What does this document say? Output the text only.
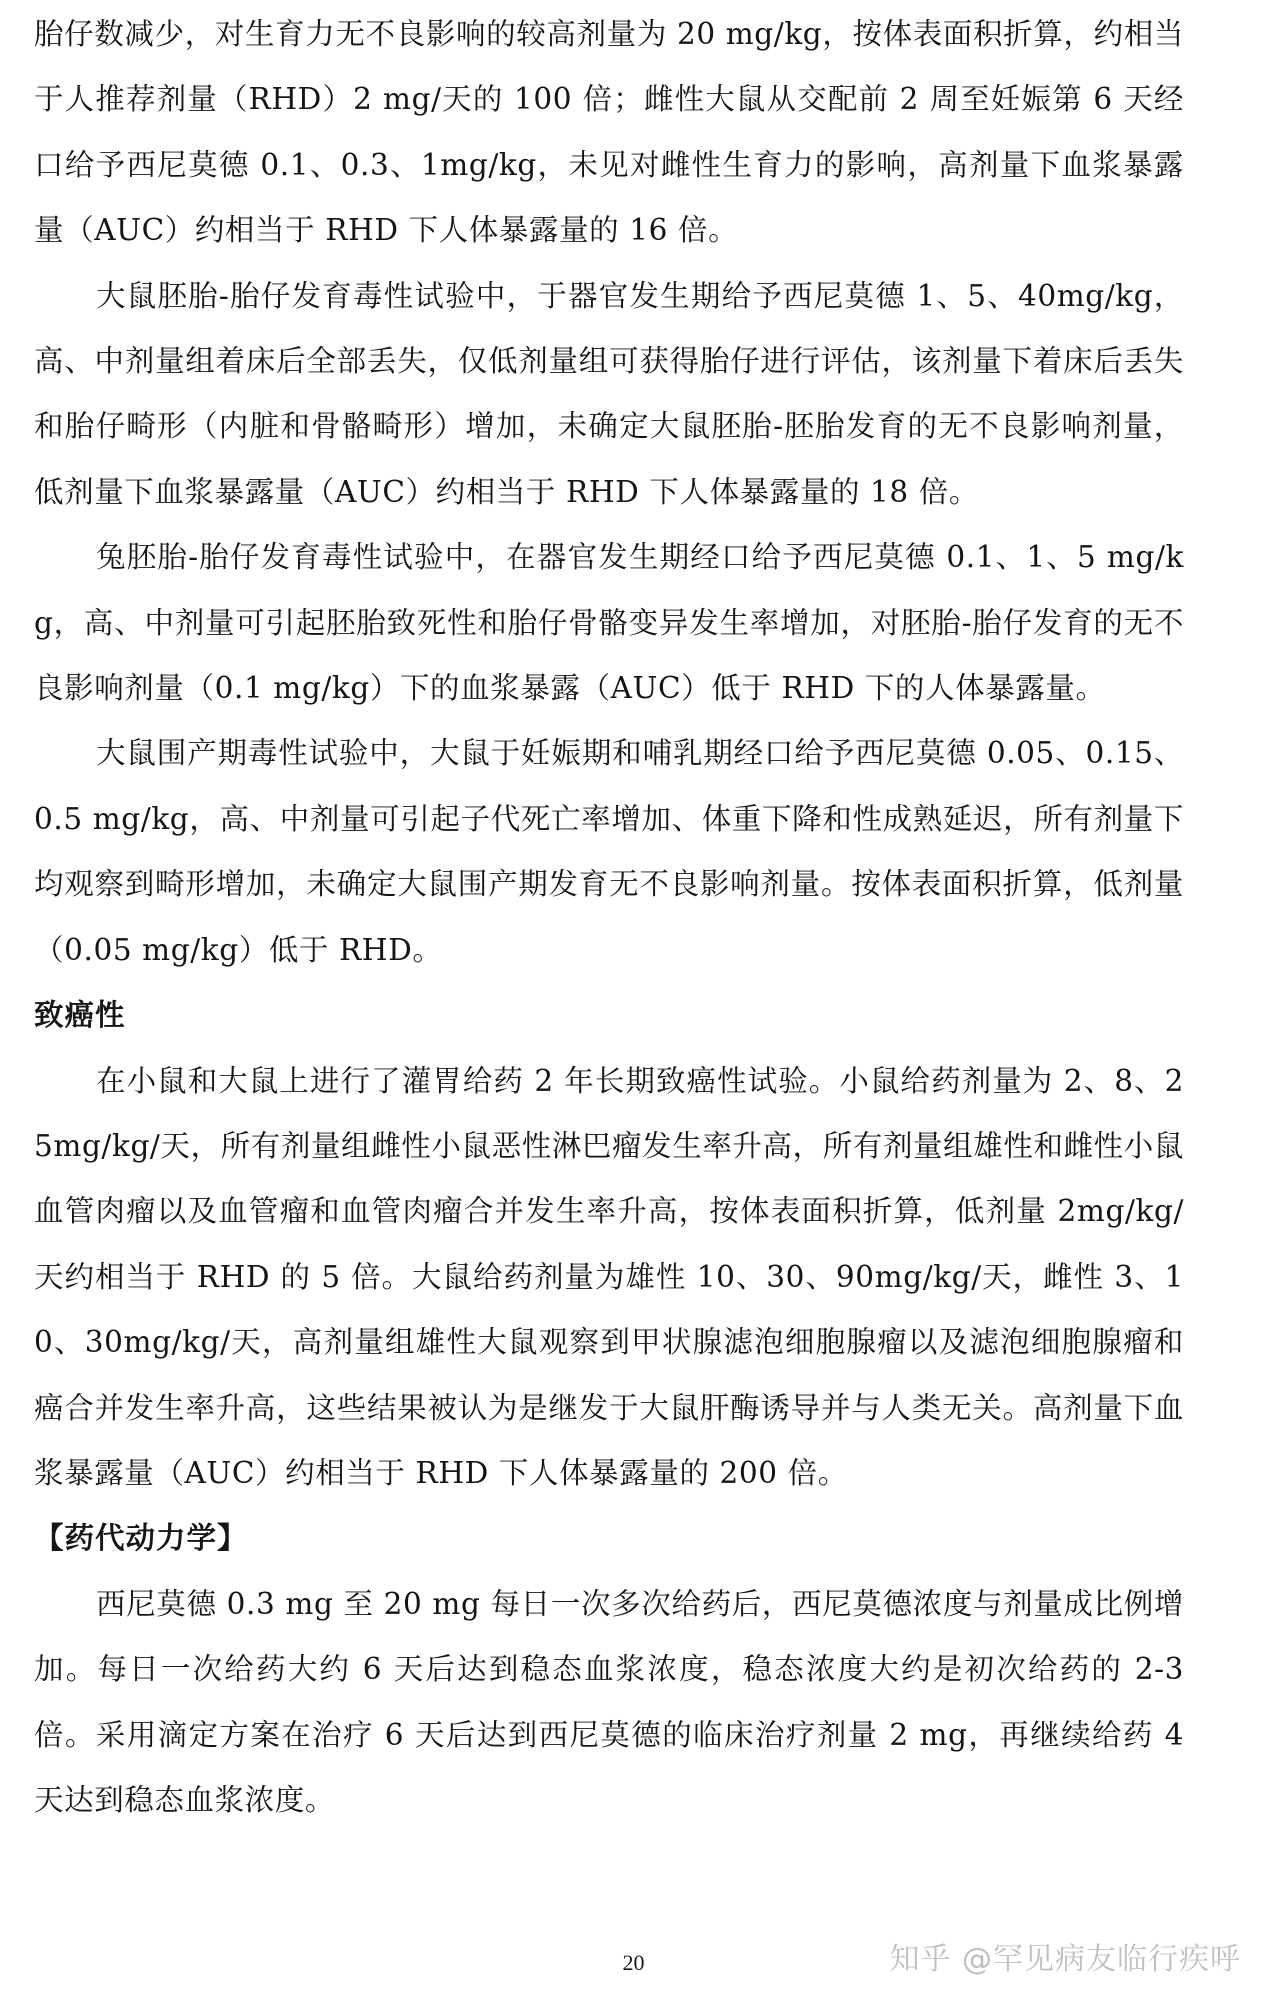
胎仔数减少，对生育力无不良影响的较高剂量为 20 mg/kg，按体表面积折算，约相当于人推荐剂量（RHD）2 mg/天的 100 倍；雌性大鼠从交配前 2 周至妊娠第 6 天经口给予西尼莫德 0.1、0.3、1mg/kg，未见对雌性生育力的影响，高剂量下血浆暴露量（AUC）约相当于 RHD 下人体暴露量的 16 倍。

大鼠胚胎-胎仔发育毒性试验中，于器官发生期给予西尼莫德 1、5、40mg/kg，高、中剂量组着床后全部丢失，仅低剂量组可获得胎仔进行评估，该剂量下着床后丢失和胎仔畸形（内脏和骨骼畸形）增加，未确定大鼠胚胎-胚胎发育的无不良影响剂量，低剂量下血浆暴露量（AUC）约相当于 RHD 下人体暴露量的 18 倍。

兔胚胎-胎仔发育毒性试验中，在器官发生期经口给予西尼莫德 0.1、1、5 mg/kg，高、中剂量可引起胚胎致死性和胎仔骨骼变异发生率增加，对胚胎-胎仔发育的无不良影响剂量（0.1 mg/kg）下的血浆暴露（AUC）低于 RHD 下的人体暴露量。

大鼠围产期毒性试验中，大鼠于妊娠期和哺乳期经口给予西尼莫德 0.05、0.15、0.5 mg/kg，高、中剂量可引起子代死亡率增加、体重下降和性成熟延迟，所有剂量下均观察到畸形增加，未确定大鼠围产期发育无不良影响剂量。按体表面积折算，低剂量（0.05 mg/kg）低于 RHD。

致癌性

在小鼠和大鼠上进行了灌胃给药 2 年长期致癌性试验。小鼠给药剂量为 2、8、25mg/kg/天，所有剂量组雌性小鼠恶性淋巴瘤发生率升高，所有剂量组雄性和雌性小鼠血管肉瘤以及血管瘤和血管肉瘤合并发生率升高，按体表面积折算，低剂量 2mg/kg/天约相当于 RHD 的 5 倍。大鼠给药剂量为雄性 10、30、90mg/kg/天，雌性 3、10、30mg/kg/天，高剂量组雄性大鼠观察到甲状腺滤泡细胞腺瘤以及滤泡细胞腺瘤和癌合并发生率升高，这些结果被认为是继发于大鼠肝酶诱导并与人类无关。高剂量下血浆暴露量（AUC）约相当于 RHD 下人体暴露量的 200 倍。

【药代动力学】

西尼莫德 0.3 mg 至 20 mg 每日一次多次给药后，西尼莫德浓度与剂量成比例增加。每日一次给药大约 6 天后达到稳态血浆浓度，稳态浓度大约是初次给药的 2-3 倍。采用滴定方案在治疗 6 天后达到西尼莫德的临床治疗剂量 2 mg，再继续给药 4 天达到稳态血浆浓度。

20	知乎 @罕见病友临行疾呼
